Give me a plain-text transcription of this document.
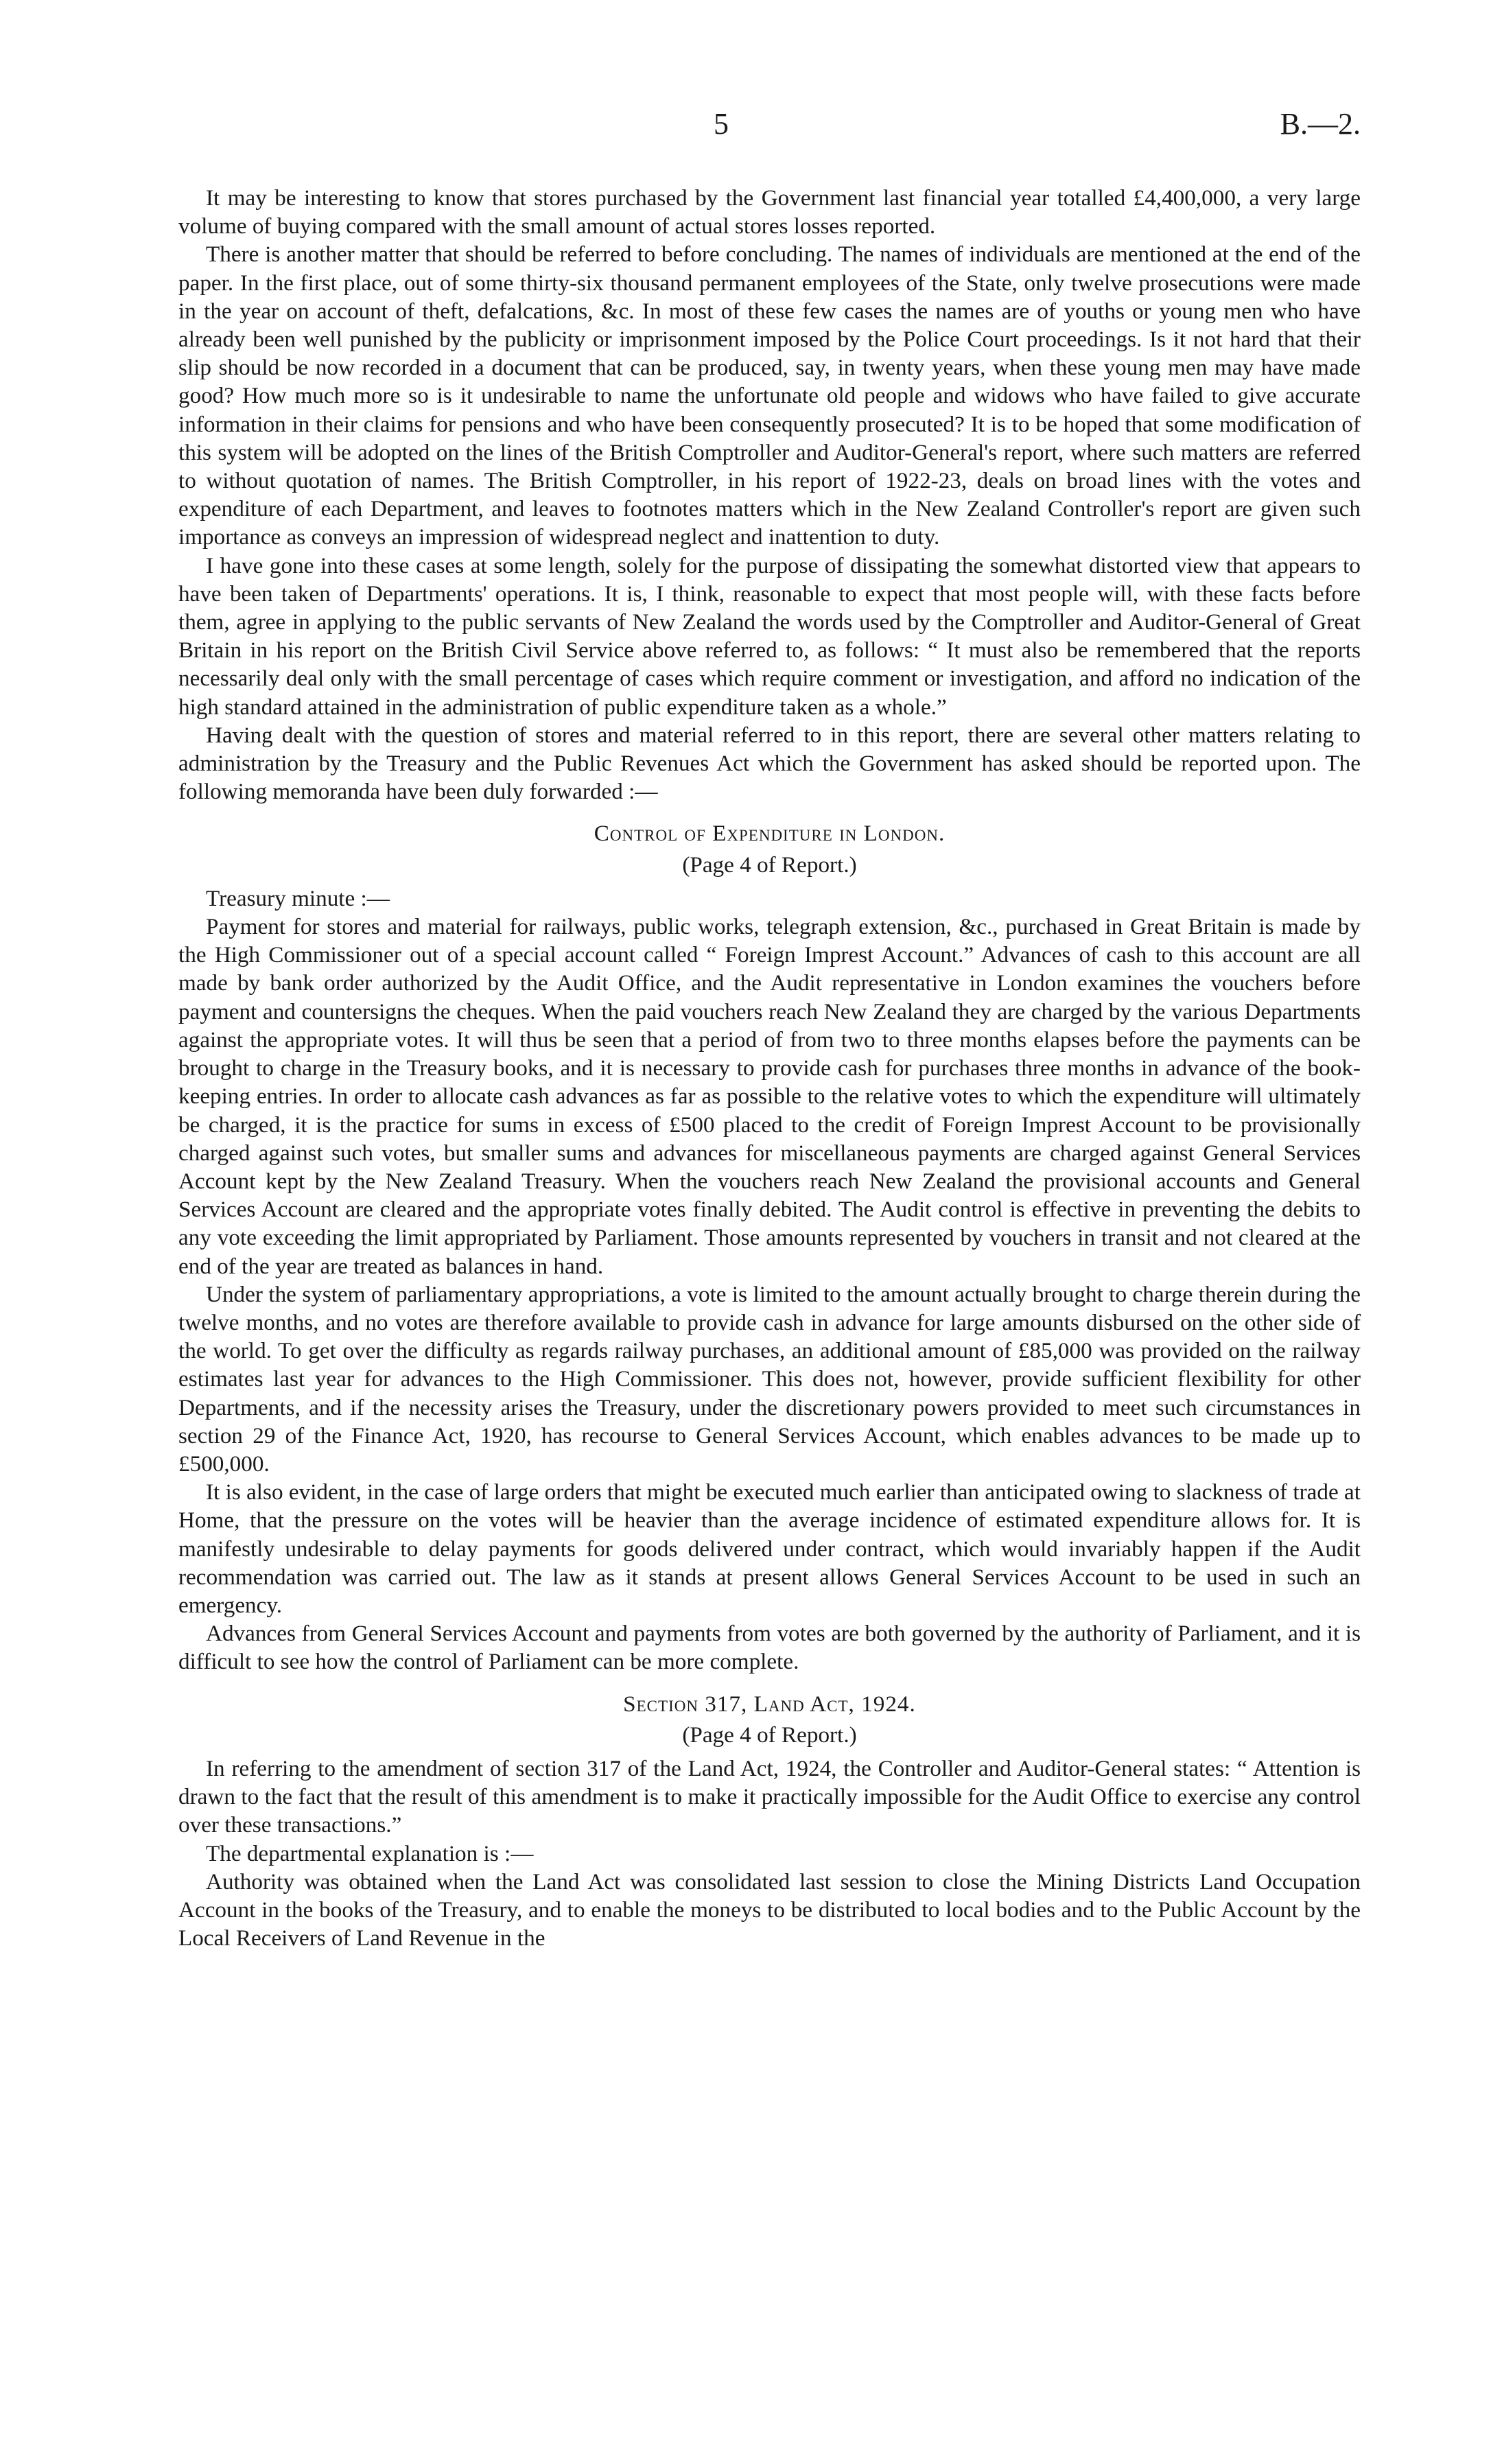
5	B.—2.

It may be interesting to know that stores purchased by the Government last financial year totalled £4,400,000, a very large volume of buying compared with the small amount of actual stores losses reported.

There is another matter that should be referred to before concluding. The names of individuals are mentioned at the end of the paper. In the first place, out of some thirty-six thousand permanent employees of the State, only twelve prosecutions were made in the year on account of theft, defalcations, &c. In most of these few cases the names are of youths or young men who have already been well punished by the publicity or imprisonment imposed by the Police Court proceedings. Is it not hard that their slip should be now recorded in a document that can be produced, say, in twenty years, when these young men may have made good? How much more so is it undesirable to name the unfortunate old people and widows who have failed to give accurate information in their claims for pensions and who have been consequently prosecuted? It is to be hoped that some modification of this system will be adopted on the lines of the British Comptroller and Auditor-General's report, where such matters are referred to without quotation of names. The British Comptroller, in his report of 1922-23, deals on broad lines with the votes and expenditure of each Department, and leaves to footnotes matters which in the New Zealand Controller's report are given such importance as conveys an impression of widespread neglect and inattention to duty.

I have gone into these cases at some length, solely for the purpose of dissipating the somewhat distorted view that appears to have been taken of Departments' operations. It is, I think, reasonable to expect that most people will, with these facts before them, agree in applying to the public servants of New Zealand the words used by the Comptroller and Auditor-General of Great Britain in his report on the British Civil Service above referred to, as follows: “ It must also be remembered that the reports necessarily deal only with the small percentage of cases which require comment or investigation, and afford no indication of the high standard attained in the administration of public expenditure taken as a whole.”

Having dealt with the question of stores and material referred to in this report, there are several other matters relating to administration by the Treasury and the Public Revenues Act which the Government has asked should be reported upon. The following memoranda have been duly forwarded :—

Control of Expenditure in London.
(Page 4 of Report.)

Treasury minute :—

Payment for stores and material for railways, public works, telegraph extension, &c., purchased in Great Britain is made by the High Commissioner out of a special account called “ Foreign Imprest Account.” Advances of cash to this account are all made by bank order authorized by the Audit Office, and the Audit representative in London examines the vouchers before payment and countersigns the cheques. When the paid vouchers reach New Zealand they are charged by the various Departments against the appropriate votes. It will thus be seen that a period of from two to three months elapses before the payments can be brought to charge in the Treasury books, and it is necessary to provide cash for purchases three months in advance of the book-keeping entries. In order to allocate cash advances as far as possible to the relative votes to which the expenditure will ultimately be charged, it is the practice for sums in excess of £500 placed to the credit of Foreign Imprest Account to be provisionally charged against such votes, but smaller sums and advances for miscellaneous payments are charged against General Services Account kept by the New Zealand Treasury. When the vouchers reach New Zealand the provisional accounts and General Services Account are cleared and the appropriate votes finally debited. The Audit control is effective in preventing the debits to any vote exceeding the limit appropriated by Parliament. Those amounts represented by vouchers in transit and not cleared at the end of the year are treated as balances in hand.

Under the system of parliamentary appropriations, a vote is limited to the amount actually brought to charge therein during the twelve months, and no votes are therefore available to provide cash in advance for large amounts disbursed on the other side of the world. To get over the difficulty as regards railway purchases, an additional amount of £85,000 was provided on the railway estimates last year for advances to the High Commissioner. This does not, however, provide sufficient flexibility for other Departments, and if the necessity arises the Treasury, under the discretionary powers provided to meet such circumstances in section 29 of the Finance Act, 1920, has recourse to General Services Account, which enables advances to be made up to £500,000.

It is also evident, in the case of large orders that might be executed much earlier than anticipated owing to slackness of trade at Home, that the pressure on the votes will be heavier than the average incidence of estimated expenditure allows for. It is manifestly undesirable to delay payments for goods delivered under contract, which would invariably happen if the Audit recommendation was carried out. The law as it stands at present allows General Services Account to be used in such an emergency.

Advances from General Services Account and payments from votes are both governed by the authority of Parliament, and it is difficult to see how the control of Parliament can be more complete.

Section 317, Land Act, 1924.
(Page 4 of Report.)

In referring to the amendment of section 317 of the Land Act, 1924, the Controller and Auditor-General states: “ Attention is drawn to the fact that the result of this amendment is to make it practically impossible for the Audit Office to exercise any control over these transactions.”

The departmental explanation is :—

Authority was obtained when the Land Act was consolidated last session to close the Mining Districts Land Occupation Account in the books of the Treasury, and to enable the moneys to be distributed to local bodies and to the Public Account by the Local Receivers of Land Revenue in the
